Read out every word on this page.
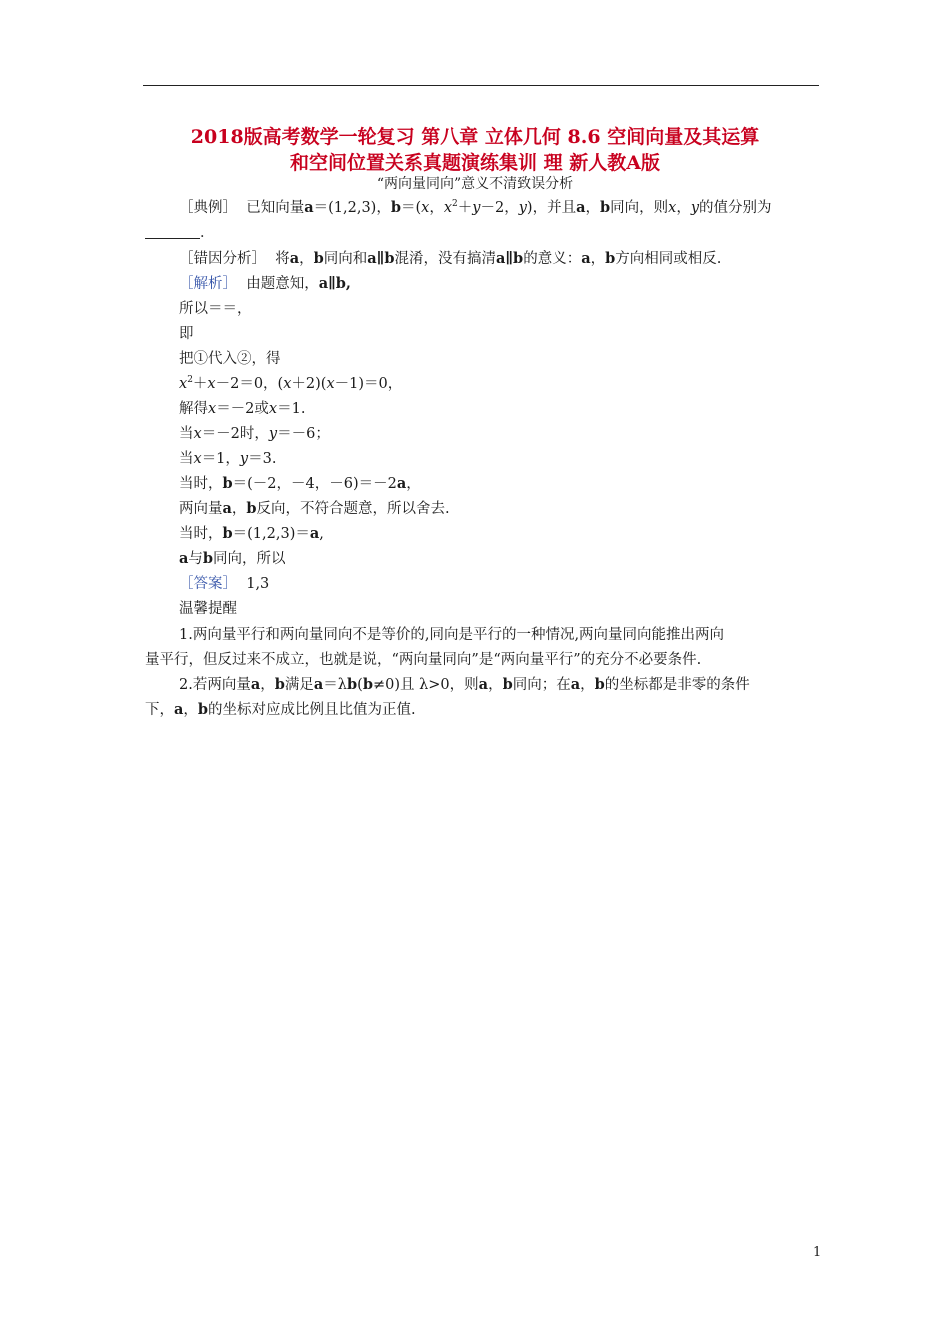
2018版高考数学一轮复习 第八章 立体几何 8.6 空间向量及其运算
和空间位置关系真题演练集训 理 新人教A版
“两向量同向”意义不清致误分析
［典例］ 已知向量a＝(1,2,3)，b＝(x，$x^2+y-2$，y)，并且a，b同向，则x，y的值分别为
．
［错因分析］ 将a，b同向和a∥b混淆，没有搞清a∥b的意义：a，b方向相同或相反.
［解析］ 由题意知，a∥b,
所以＝＝，
即
把①代入②，得
$x^2+x-2=0$，(x＋2)(x－1)＝0，
解得x＝－2或x＝1.
当x＝－2时，y＝－6；
当x＝1，y＝3.
当时，b＝(－2，－4，－6)＝－2a，
两向量a，b反向，不符合题意，所以舍去.
当时，b＝(1,2,3)＝a,
a与b同向，所以
［答案］ 1,3
温馨提醒
1.两向量平行和两向量同向不是等价的,同向是平行的一种情况,两向量同向能推出两向
量平行，但反过来不成立，也就是说，“两向量同向”是“两向量平行”的充分不必要条件.
2.若两向量a，b满足a＝λb(b≠0)且 λ>0，则a，b同向；在a，b的坐标都是非零的条件
下，a，b的坐标对应成比例且比值为正值.
1
